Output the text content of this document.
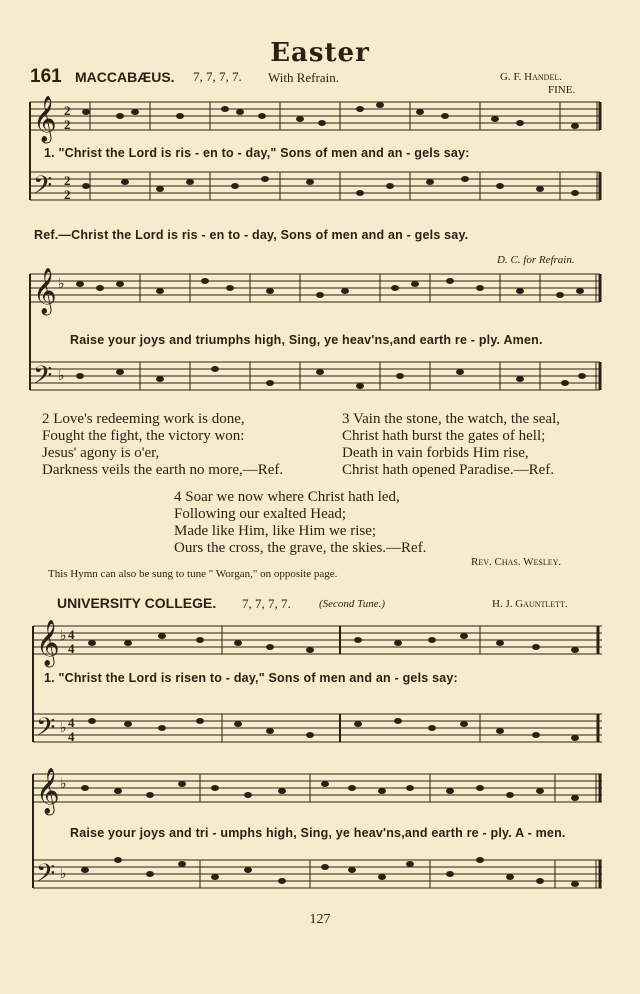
Easter
161 MACCABÆUS. 7, 7, 7, 7. With Refrain.	G. F. Handel.
FINE.
𝄞
𝄢
2
2
2
2
1. "Christ the Lord is ris - en to - day," Sons of men and an - gels say:
Ref.—Christ the Lord is ris - en to - day, Sons of men and an - gels say.
D. C. for Refrain.
𝄞
𝄢
♭
♭
Raise your joys and triumphs high, Sing, ye heav'ns,and earth re - ply. Amen.
2 Love's redeeming work is done,
Fought the fight, the victory won:
Jesus' agony is o'er,
Darkness veils the earth no more,—Ref.
3 Vain the stone, the watch, the seal,
Christ hath burst the gates of hell;
Death in vain forbids Him rise,
Christ hath opened Paradise.—Ref.
4 Soar we now where Christ hath led,
Following our exalted Head;
Made like Him, like Him we rise;
Ours the cross, the grave, the skies.—Ref.
Rev. Chas. Wesley.
This Hymn can also be sung to tune " Worgan," on opposite page.
UNIVERSITY COLLEGE. 7, 7, 7, 7.	(Second Tune.)	H. J. Gauntlett.
𝄞
𝄢
♭
♭
4
4
4
4
1. "Christ the Lord is risen to - day," Sons of men and an - gels say:
𝄞
𝄢
♭
♭
Raise your joys and tri - umphs high, Sing, ye heav'ns,and earth re - ply. A - men.
127
